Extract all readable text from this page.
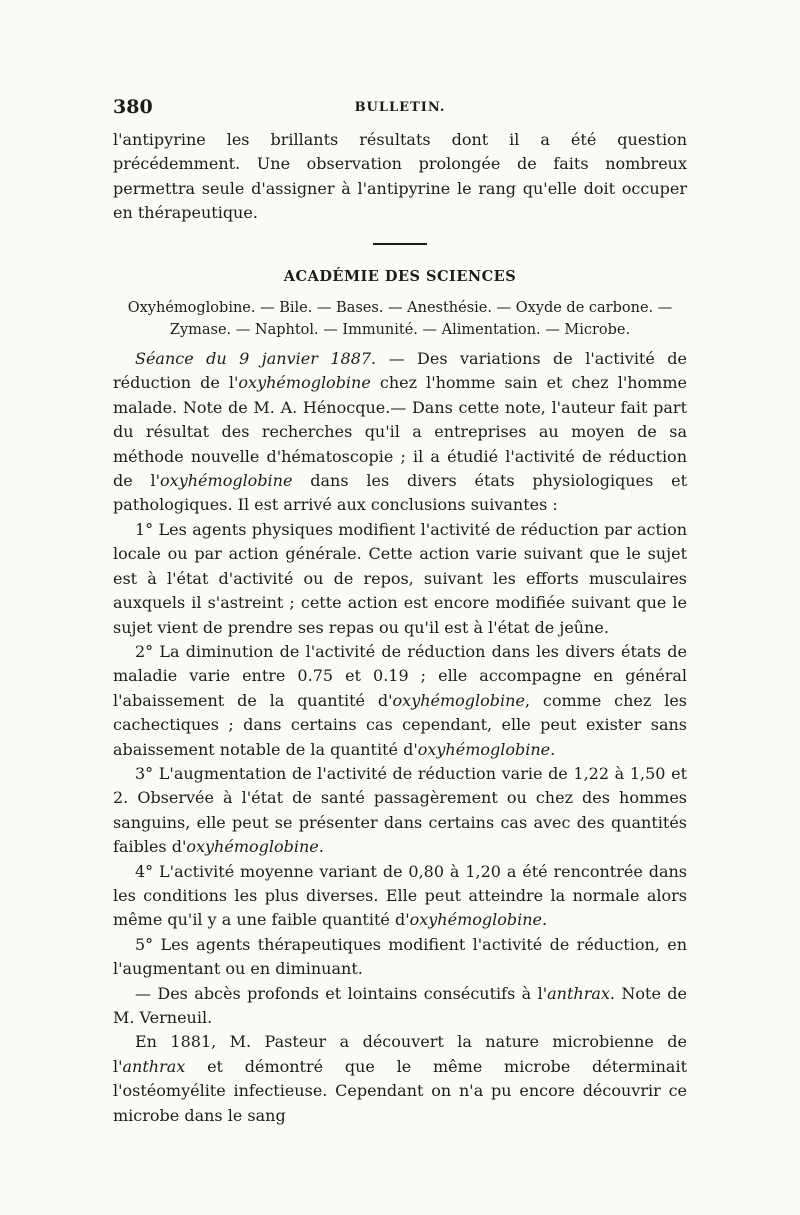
380	BULLETIN.

l'antipyrine les brillants résultats dont il a été question précédemment. Une observation prolongée de faits nombreux permettra seule d'assigner à l'antipyrine le rang qu'elle doit occuper en thérapeutique.

ACADÉMIE DES SCIENCES
Oxyhémoglobine. — Bile. — Bases. — Anesthésie. — Oxyde de carbone. —
Zymase. — Naphtol. — Immunité. — Alimentation. — Microbe.

Séance du 9 janvier 1887. — Des variations de l'activité de réduction de l'oxyhémoglobine chez l'homme sain et chez l'homme malade. Note de M. A. Hénocque.— Dans cette note, l'auteur fait part du résultat des recherches qu'il a entreprises au moyen de sa méthode nouvelle d'hématoscopie ; il a étudié l'activité de réduction de l'oxyhémoglobine dans les divers états physiologiques et pathologiques. Il est arrivé aux conclusions suivantes :

1° Les agents physiques modifient l'activité de réduction par action locale ou par action générale. Cette action varie suivant que le sujet est à l'état d'activité ou de repos, suivant les efforts musculaires auxquels il s'astreint ; cette action est encore modifiée suivant que le sujet vient de prendre ses repas ou qu'il est à l'état de jeûne.

2° La diminution de l'activité de réduction dans les divers états de maladie varie entre 0.75 et 0.19 ; elle accompagne en général l'abaissement de la quantité d'oxyhémoglobine, comme chez les cachectiques ; dans certains cas cependant, elle peut exister sans abaissement notable de la quantité d'oxyhémoglobine.

3° L'augmentation de l'activité de réduction varie de 1,22 à 1,50 et 2. Observée à l'état de santé passagèrement ou chez des hommes sanguins, elle peut se présenter dans certains cas avec des quantités faibles d'oxyhémoglobine.

4° L'activité moyenne variant de 0,80 à 1,20 a été rencontrée dans les conditions les plus diverses. Elle peut atteindre la normale alors même qu'il y a une faible quantité d'oxyhémoglobine.

5° Les agents thérapeutiques modifient l'activité de réduction, en l'augmentant ou en diminuant.

— Des abcès profonds et lointains consécutifs à l'anthrax. Note de M. Verneuil.

En 1881, M. Pasteur a découvert la nature microbienne de l'anthrax et démontré que le même microbe déterminait l'ostéomyélite infectieuse. Cependant on n'a pu encore découvrir ce microbe dans le sang
